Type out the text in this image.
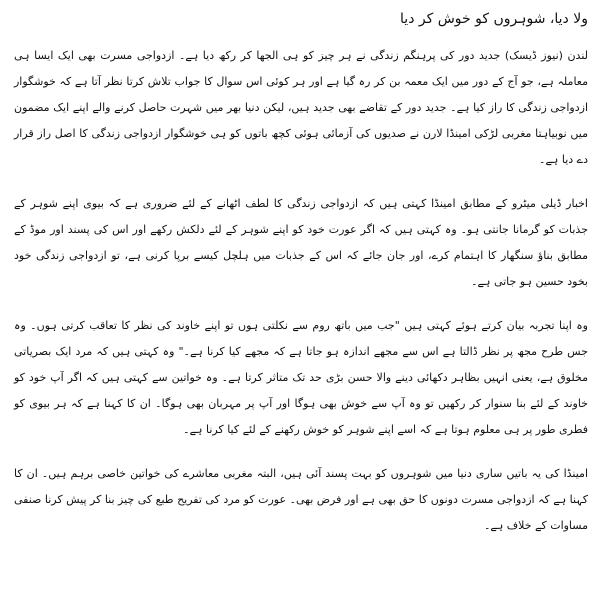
ولا دیا، شوہروں کو خوش کر دیا

لندن (نیوز ڈیسک) جدید دور کی پرہنگم زندگی نے ہر چیز کو ہی الجھا کر رکھ دیا ہے۔ ازدواجی مسرت بھی ایک ایسا ہی معاملہ ہے، جو آج کے دور میں ایک معمہ بن کر رہ گیا ہے اور ہر کوئی اس سوال کا جواب تلاش کرتا نظر آتا ہے کہ خوشگوار ازدواجی زندگی کا راز کیا ہے۔ جدید دور کے تقاضے بھی جدید ہیں، لیکن دنیا بھر میں شہرت حاصل کرنے والے اپنے ایک مضمون میں نوبیاہتا مغربی لڑکی امینڈا لارن نے صدیوں کی آزمائی ہوئی کچھ باتوں کو ہی خوشگوار ازدواجی زندگی کا اصل راز قرار دے دیا ہے۔

اخبار ڈیلی میٹرو کے مطابق امینڈا کہتی ہیں کہ ازدواجی زندگی کا لطف اٹھانے کے لئے ضروری ہے کہ بیوی اپنے شوہر کے جذبات کو گرمانا جانتی ہو۔ وہ کہتی ہیں کہ اگر عورت خود کو اپنے شوہر کے لئے دلکش رکھے اور اس کی پسند اور موڈ کے مطابق بناؤ سنگھار کا اہتمام کرے، اور جان جائے کہ اس کے جذبات میں ہلچل کیسے برپا کرنی ہے، تو ازدواجی زندگی خود بخود حسین ہو جاتی ہے۔

وہ اپنا تجربہ بیان کرتے ہوئے کہتی ہیں "جب میں باتھ روم سے نکلتی ہوں تو اپنے خاوند کی نظر کا تعاقب کرتی ہوں۔ وہ جس طرح مجھ پر نظر ڈالتا ہے اس سے مجھے اندازہ ہو جاتا ہے کہ مجھے کیا کرنا ہے۔" وہ کہتی ہیں کہ مرد ایک بصریاتی مخلوق ہے، یعنی انہیں بظاہر دکھائی دینے والا حسن بڑی حد تک متاثر کرتا ہے۔ وہ خواتین سے کہتی ہیں کہ اگر آپ خود کو خاوند کے لئے بنا سنوار کر رکھیں تو وہ آپ سے خوش بھی ہوگا اور آپ پر مہربان بھی ہوگا۔ ان کا کہنا ہے کہ ہر بیوی کو فطری طور پر ہی معلوم ہوتا ہے کہ اسے اپنے شوہر کو خوش رکھنے کے لئے کیا کرنا ہے۔

امینڈا کی یہ باتیں ساری دنیا میں شوہروں کو بہت پسند آئی ہیں، البتہ مغربی معاشرے کی خواتین خاصی برہم ہیں۔ ان کا کہنا ہے کہ ازدواجی مسرت دونوں کا حق بھی ہے اور فرض بھی۔ عورت کو مرد کی تفریح طبع کی چیز بنا کر پیش کرنا صنفی مساوات کے خلاف ہے۔
